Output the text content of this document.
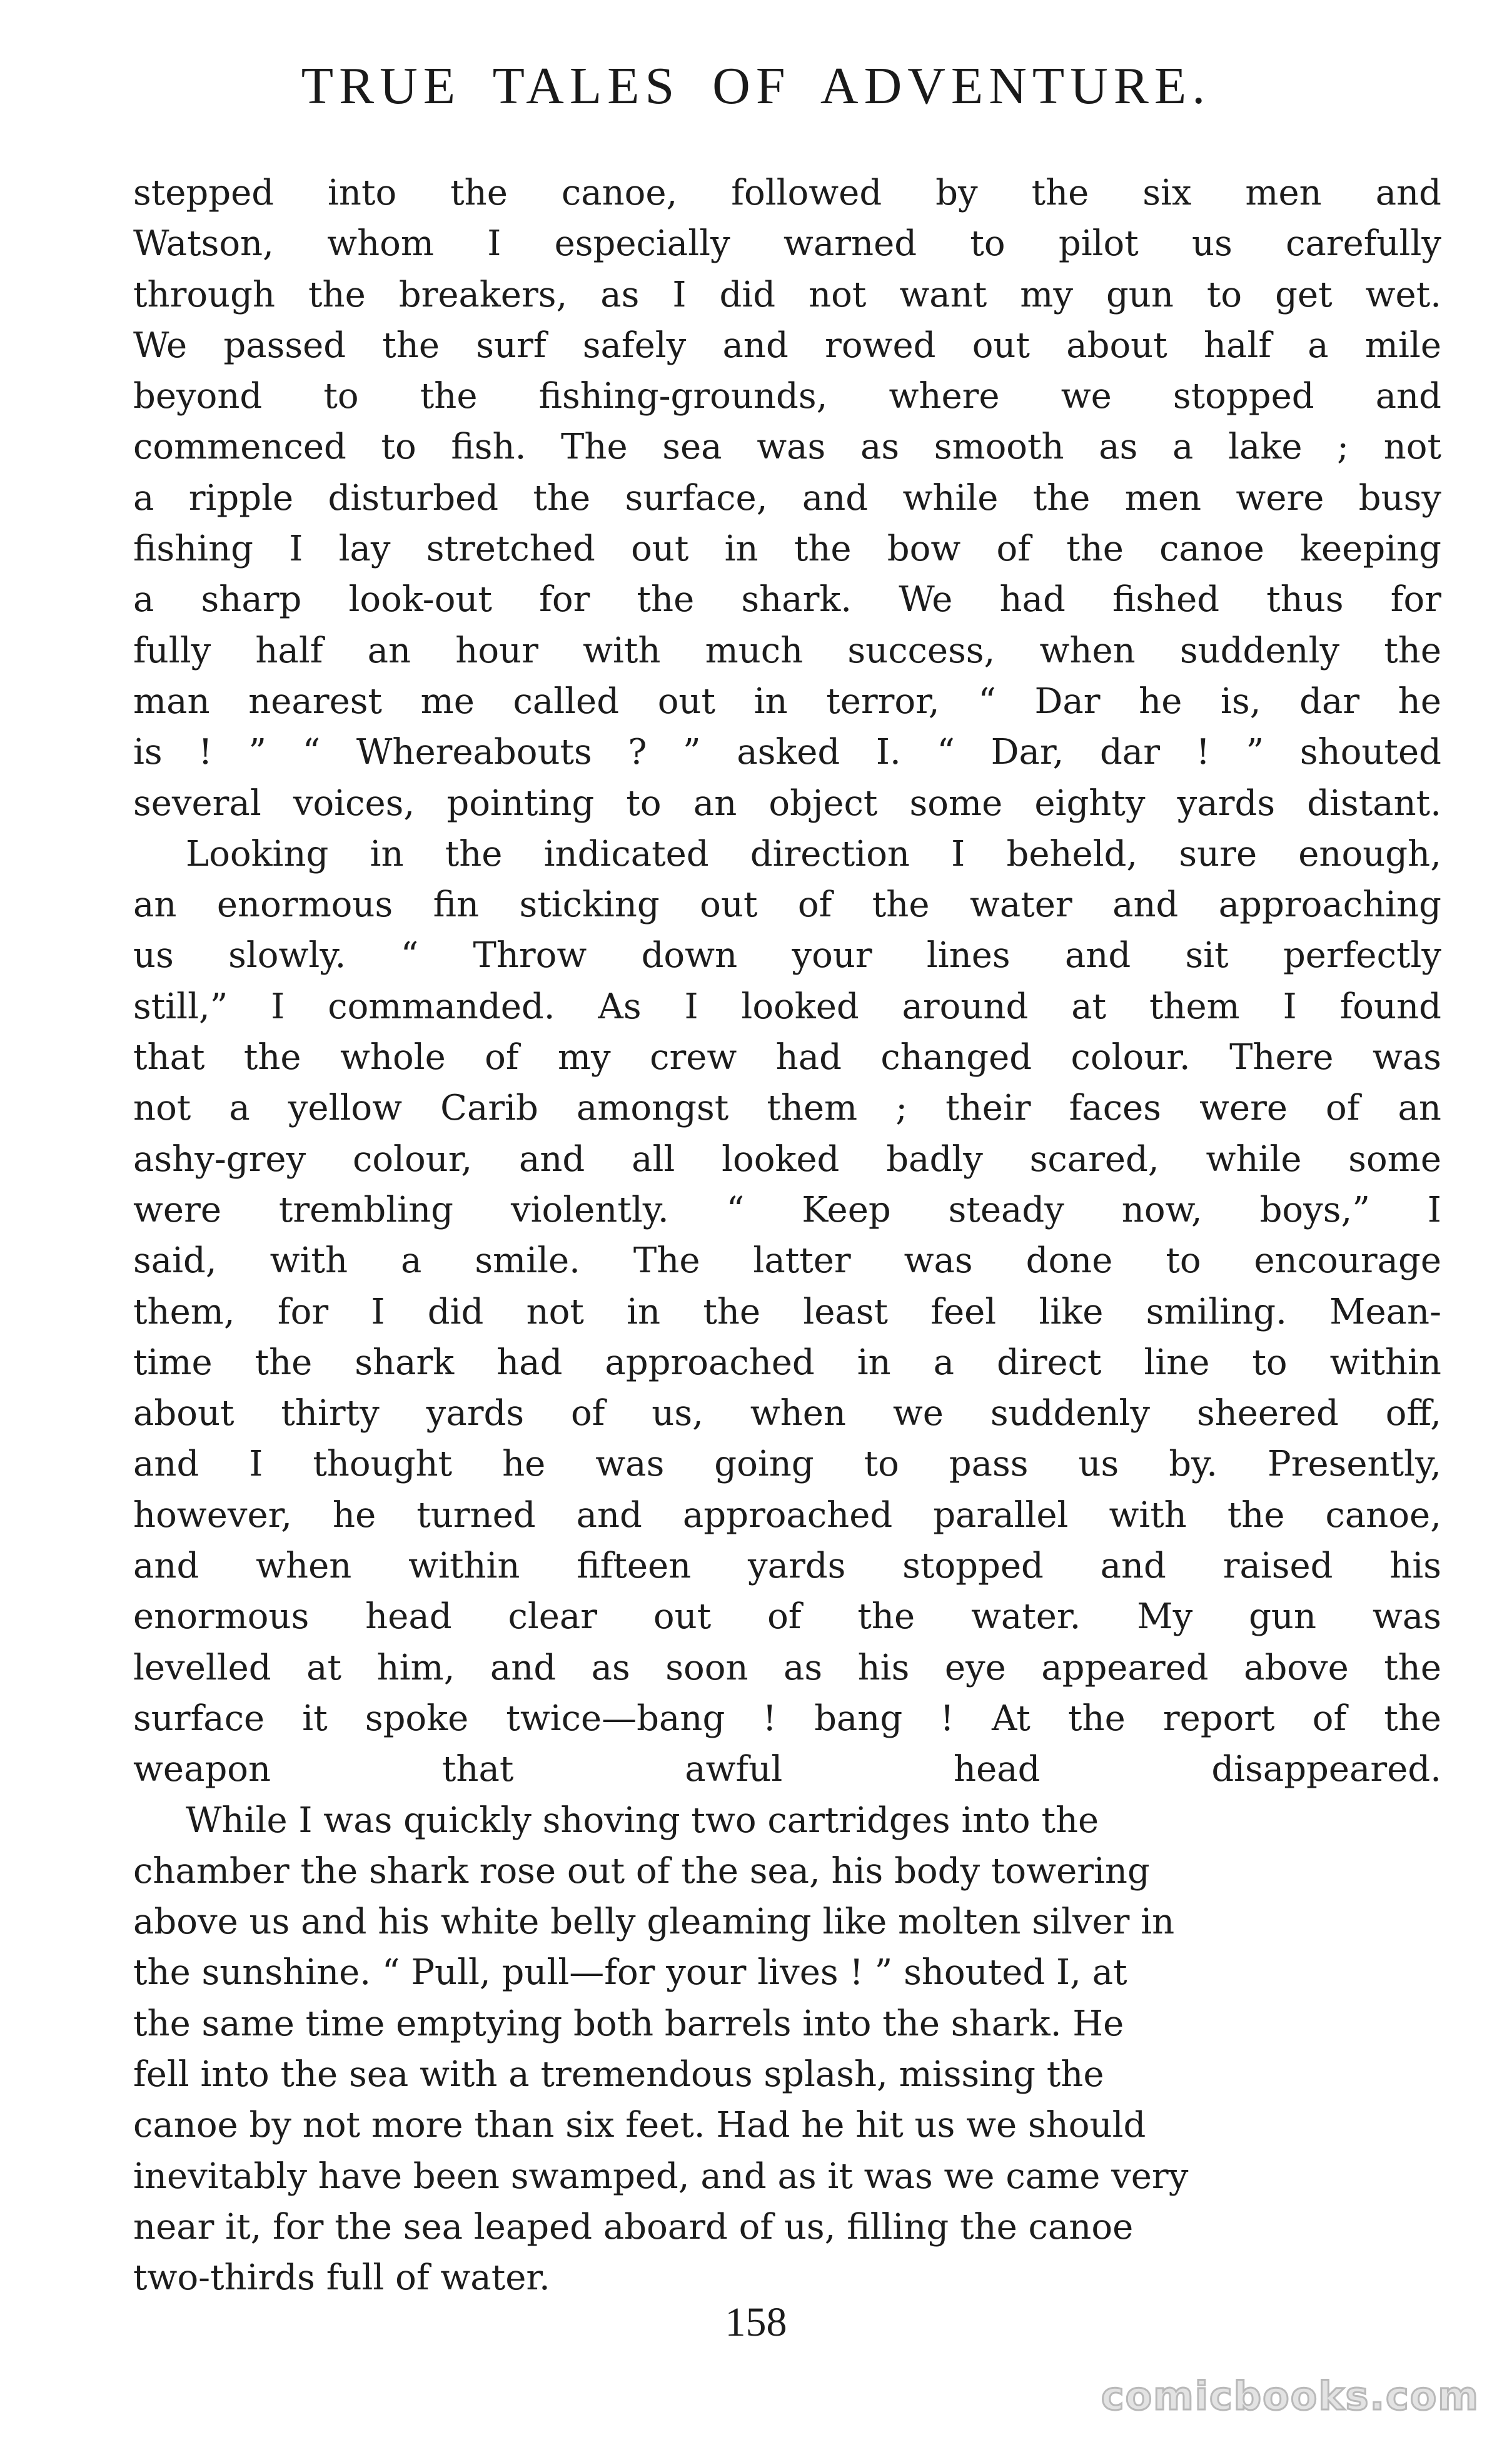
TRUE TALES OF ADVENTURE.

stepped into the canoe, followed by the six men and
Watson, whom I especially warned to pilot us carefully
through the breakers, as I did not want my gun to get wet.
We passed the surf safely and rowed out about half a mile
beyond to the fishing-grounds, where we stopped and
commenced to fish. The sea was as smooth as a lake ; not
a ripple disturbed the surface, and while the men were busy
fishing I lay stretched out in the bow of the canoe keeping
a sharp look-out for the shark. We had fished thus for
fully half an hour with much success, when suddenly the
man nearest me called out in terror, “ Dar he is, dar he
is ! ” “ Whereabouts ? ” asked I. “ Dar, dar ! ” shouted
several voices, pointing to an object some eighty yards distant.

Looking in the indicated direction I beheld, sure enough,
an enormous fin sticking out of the water and approaching
us slowly. “ Throw down your lines and sit perfectly
still,” I commanded. As I looked around at them I found
that the whole of my crew had changed colour. There was
not a yellow Carib amongst them ; their faces were of an
ashy-grey colour, and all looked badly scared, while some
were trembling violently. “ Keep steady now, boys,” I
said, with a smile. The latter was done to encourage
them, for I did not in the least feel like smiling. Mean-
time the shark had approached in a direct line to within
about thirty yards of us, when we suddenly sheered off,
and I thought he was going to pass us by. Presently,
however, he turned and approached parallel with the canoe,
and when within fifteen yards stopped and raised his
enormous head clear out of the water. My gun was
levelled at him, and as soon as his eye appeared above the
surface it spoke twice—bang ! bang ! At the report of the
weapon that awful head disappeared.

While I was quickly shoving two cartridges into the
chamber the shark rose out of the sea, his body towering
above us and his white belly gleaming like molten silver in
the sunshine. “ Pull, pull—for your lives ! ” shouted I, at
the same time emptying both barrels into the shark. He
fell into the sea with a tremendous splash, missing the
canoe by not more than six feet. Had he hit us we should
inevitably have been swamped, and as it was we came very
near it, for the sea leaped aboard of us, filling the canoe
two-thirds full of water.

158
comicbooks.com
